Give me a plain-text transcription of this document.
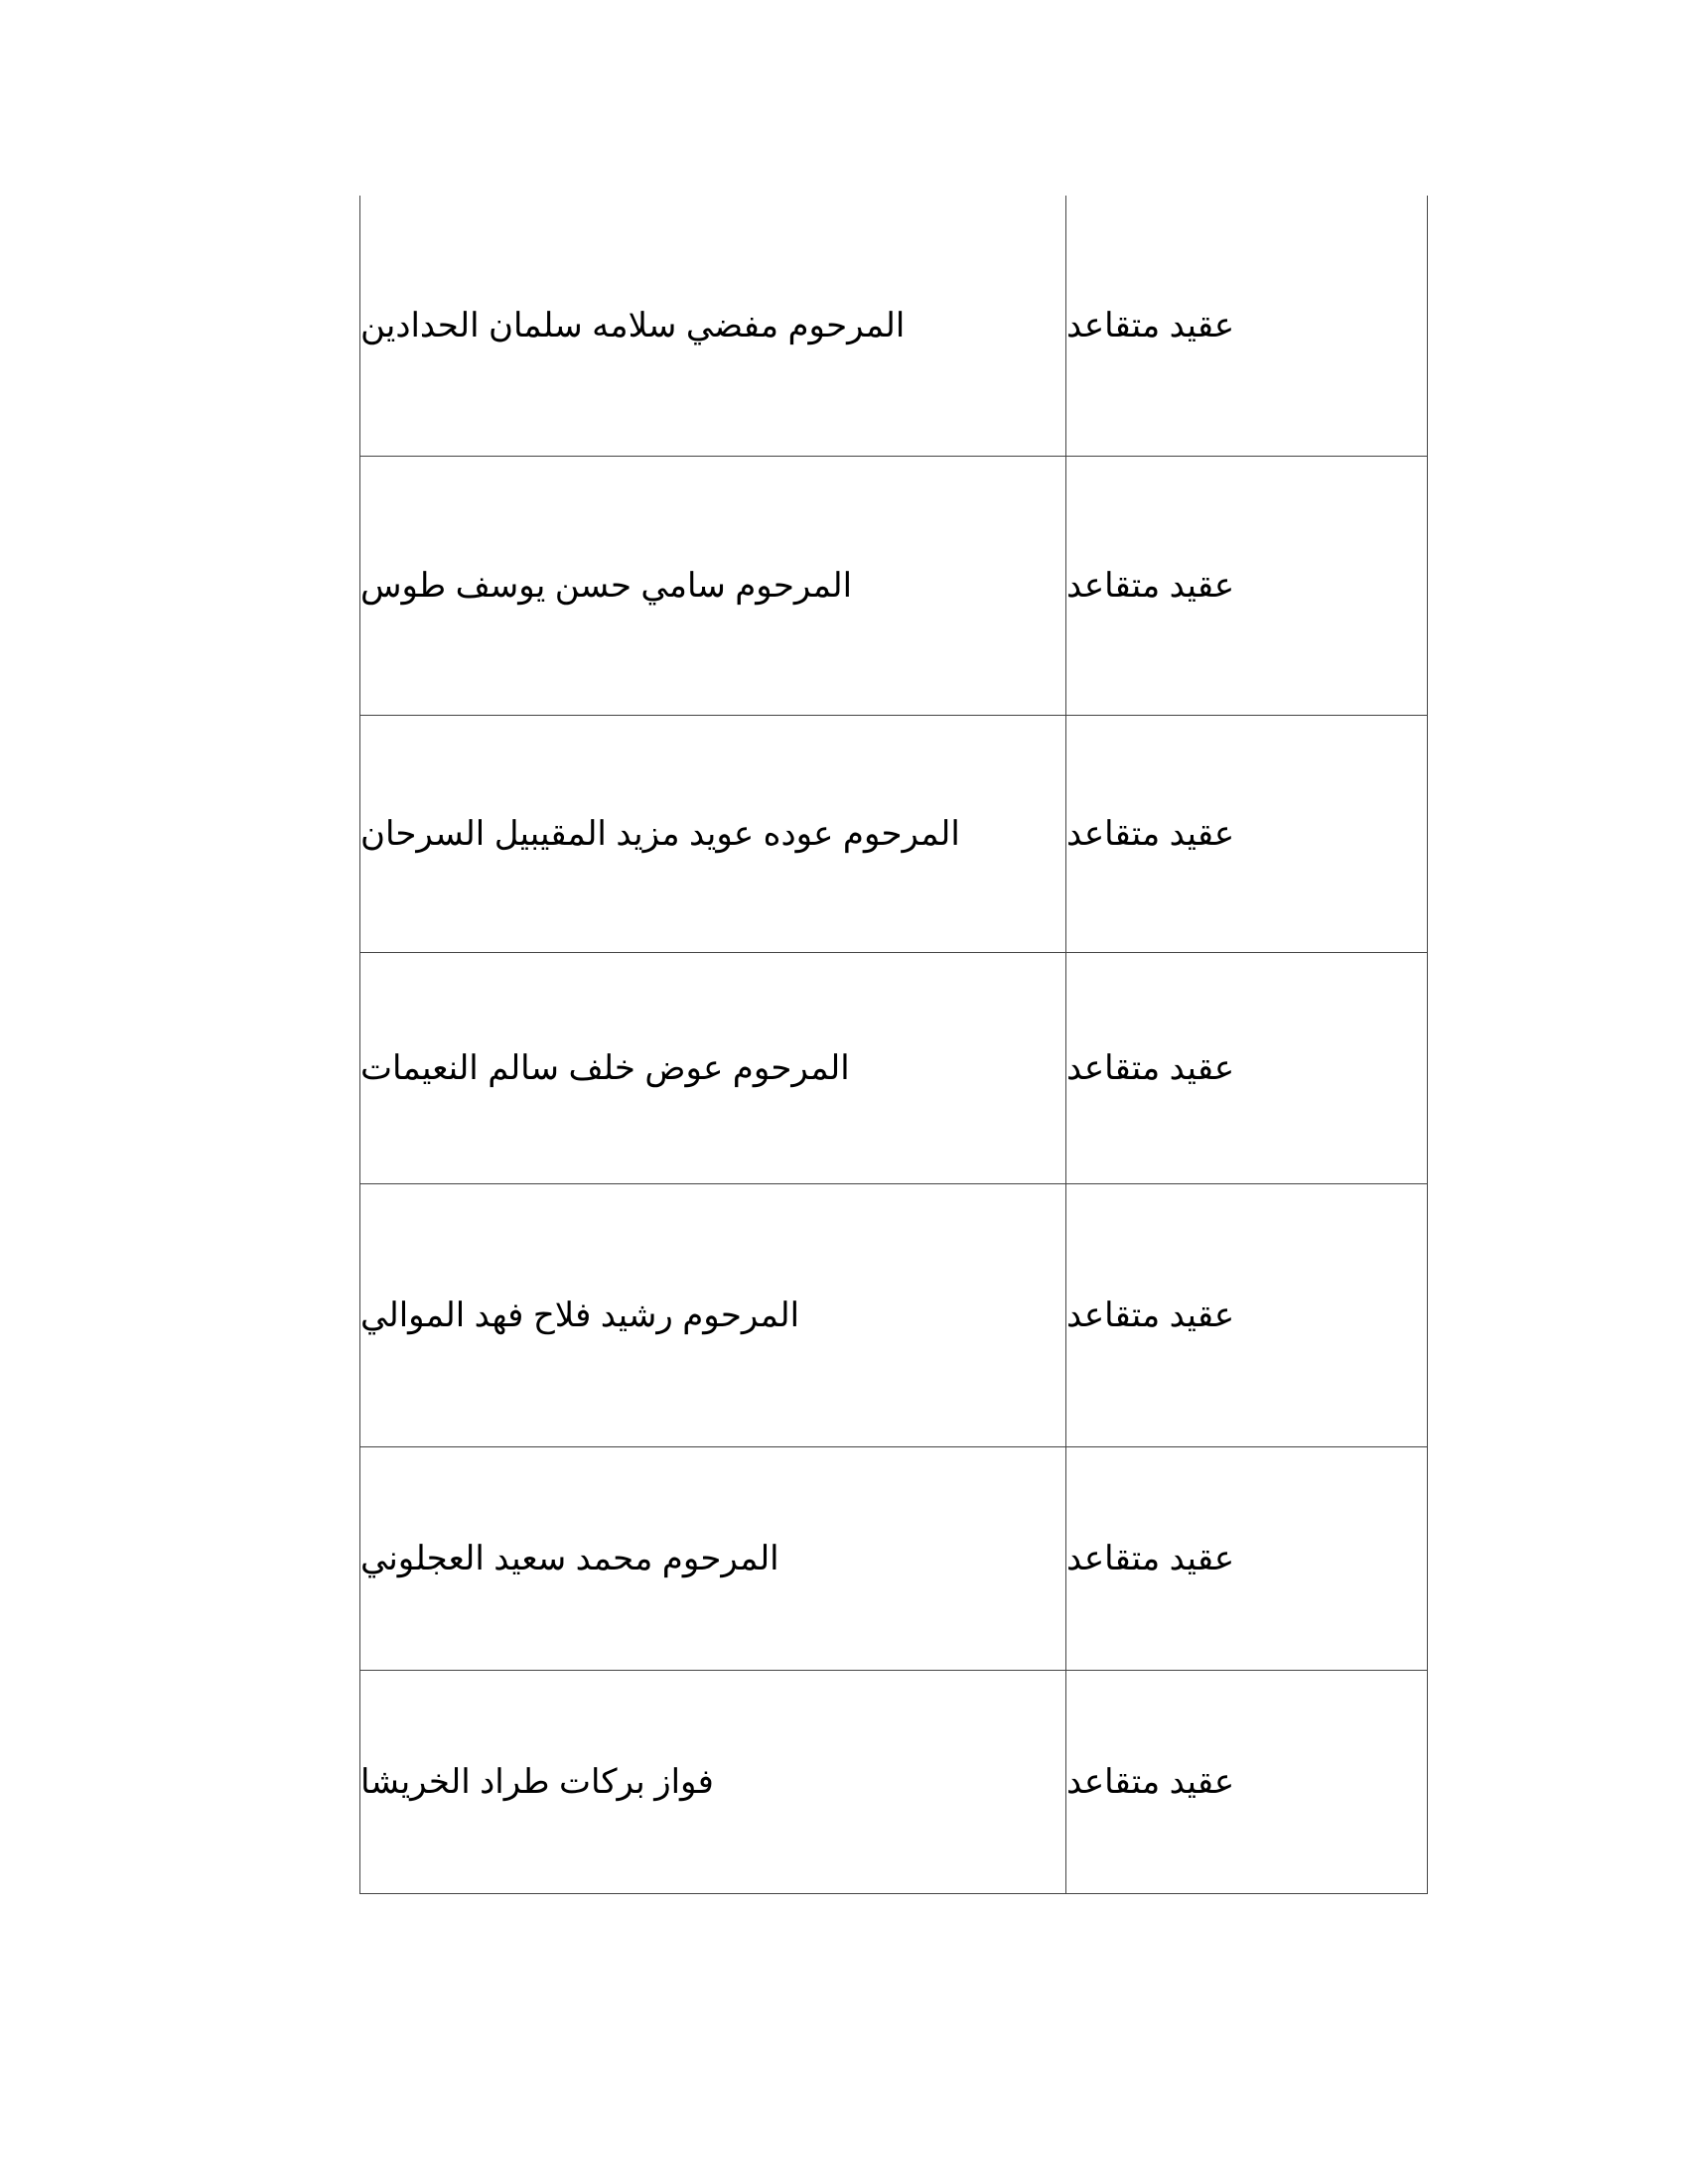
المرحوم مفضي سلامه سلمان الحدادين	عقيد متقاعد
المرحوم سامي حسن يوسف طوس	عقيد متقاعد
المرحوم عوده عويد مزيد المقيبيل السرحان	عقيد متقاعد
المرحوم عوض خلف سالم النعيمات	عقيد متقاعد
المرحوم رشيد فلاح فهد الموالي	عقيد متقاعد
المرحوم محمد سعيد العجلوني	عقيد متقاعد
فواز بركات طراد الخريشا	عقيد متقاعد
